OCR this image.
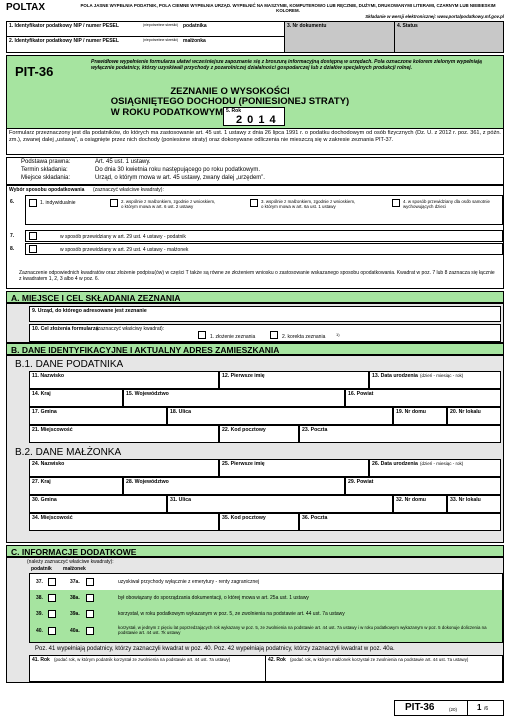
POLTAX	POLA JASNE WYPEŁNIA PODATNIK, POLA CIEMNE WYPEŁNIA URZĄD. WYPEŁNIĆ NA MASZYNIE, KOMPUTEROWO LUB RĘCZNIE, DUŻYMI, DRUKOWANYMI LITERAMI, CZARNYM LUB NIEBIESKIM KOLOREM.
Składanie w wersji elektronicznej: www.portalpodatkowy.mf.gov.pl
1. Identyfikator podatkowy NIP / numer PESEL	(niepotrzebne skreślić) podatnika
2. Identyfikator podatkowy NIP / numer PESEL	(niepotrzebne skreślić) małżonka
3. Nr dokumentu	4. Status
PIT-36
Prawidłowe wypełnienie formularza ułatwi wcześniejsze zapoznanie się z broszurą informacyjną dostępną w urzędach. Pola oznaczone kolorem zielonym wypełniają wyłącznie podatnicy, którzy uzyskiwali przychody z pozarolniczej działalności gospodarczej lub z działów specjalnych produkcji rolnej.
ZEZNANIE O WYSOKOŚCI
OSIĄGNIĘTEGO DOCHODU (PONIESIONEJ STRATY)
W ROKU PODATKOWYM 5. Rok
2 0 1 4
Formularz przeznaczony jest dla podatników, do których ma zastosowanie art. 45 ust. 1 ustawy z dnia 26 lipca 1991 r. o podatku dochodowym od osób fizycznych (Dz. U. z 2012 r. poz. 361, z późn. zm.), zwanej dalej „ustawą”, a osiągnięte przez nich dochody (poniesione straty) oraz dokonywane odliczenia nie mieszczą się w zakresie zeznania PIT-37.
Podstawa prawna:	Art. 45 ust. 1 ustawy.
Termin składania:	Do dnia 30 kwietnia roku następującego po roku podatkowym.
Miejsce składania:	Urząd, o którym mowa w art. 45 ustawy, zwany dalej „urzędem”.
Wybór sposobu opodatkowania (zaznaczyć właściwe kwadraty):
6.	1. indywidualnie	2. wspólnie z małżonkiem, zgodnie z wnioskiem, o którym mowa w art. 6 ust. 2 ustawy
3. wspólnie z małżonkiem, zgodnie z wnioskiem, o którym mowa w art. 6a ust. 1 ustawy
4. w sposób przewidziany dla osób samotnie wychowujących dzieci
7.	w sposób przewidziany w art. 29 ust. 4 ustawy - podatnik
8.	w sposób przewidziany w art. 29 ust. 4 ustawy - małżonek
Zaznaczenie odpowiednich kwadratów oraz złożenie podpisu(ów) w części T także są równe ze złożeniem wniosku o zastosowanie wskazanego sposobu opodatkowania. Kwadrat w poz. 7 lub 8 zaznacza się łącznie z kwadratem 1, 2, 3 albo 4 w poz. 6.
A. MIEJSCE I CEL SKŁADANIA ZEZNANIA
9. Urząd, do którego adresowane jest zeznanie
10. Cel złożenia formularza
(zaznaczyć właściwy kwadrat):
1. złożenie zeznania	2. korekta zeznania	1)
B. DANE IDENTYFIKACYJNE I AKTUALNY ADRES ZAMIESZKANIA
B.1. DANE PODATNIKA
11. Nazwisko	12. Pierwsze imię	13. Data urodzenia (dzień - miesiąc - rok)
14. Kraj	15. Województwo	16. Powiat
17. Gmina	18. Ulica	19. Nr domu	20. Nr lokalu
21. Miejscowość	22. Kod pocztowy	23. Poczta
B.2. DANE MAŁŻONKA
24. Nazwisko	25. Pierwsze imię	26. Data urodzenia (dzień - miesiąc - rok)
27. Kraj	28. Województwo	29. Powiat
30. Gmina	31. Ulica	32. Nr domu	33. Nr lokalu
34. Miejscowość	35. Kod pocztowy	36. Poczta
C. INFORMACJE DODATKOWE
(należy zaznaczyć właściwe kwadraty):
podatnik małżonek
37.	37a.	uzyskiwał przychody wyłącznie z emerytury - renty zagranicznej
38.	38a.	był obowiązany do sporządzania dokumentacji, o której mowa w art. 25a ust. 1 ustawy
39.	39a.	korzystał, w roku podatkowym wykazanym w poz. 5, ze zwolnienia na podstawie art. 44 ust. 7a ustawy
40.	40a.
korzystał, w jednym z pięciu lat poprzedzających rok wykazany w poz. 5, ze zwolnienia na podstawie art. 44 ust. 7a ustawy i w roku podatkowym wykazanym w poz. 5 dokonuje doliczenia na podstawie art. 44 ust. 7k ustawy
Poz. 41 wypełniają podatnicy, którzy zaznaczyli kwadrat w poz. 40. Poz. 42 wypełniają podatnicy, którzy zaznaczyli kwadrat w poz. 40a.
41. Rok (podać rok, w którym podatnik korzystał ze zwolnienia na podstawie art. 44 ust. 7a ustawy)	42. Rok (podać rok, w którym małżonek korzystał ze zwolnienia na podstawie art. 44 ust. 7a ustawy)
PIT-36	(20) 1 /6
